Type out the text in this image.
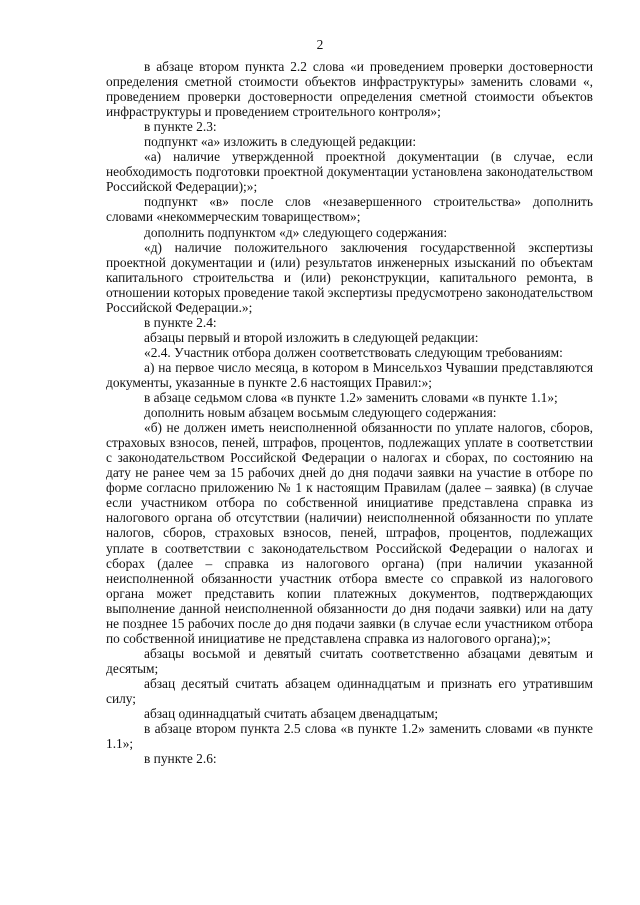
2

в абзаце втором пункта 2.2 слова «и проведением проверки достоверности определения сметной стоимости объектов инфраструктуры» заменить словами «, проведением проверки достоверности определения сметной стоимости объектов инфраструктуры и проведением строительного контроля»;

в пункте 2.3:

подпункт «а» изложить в следующей редакции:

«а) наличие утвержденной проектной документации (в случае, если необходимость подготовки проектной документации установлена законодательством Российской Федерации);»;

подпункт «в» после слов «незавершенного строительства» дополнить словами «некоммерческим товариществом»;

дополнить подпунктом «д» следующего содержания:

«д) наличие положительного заключения государственной экспертизы проектной документации и (или) результатов инженерных изысканий по объектам капитального строительства и (или) реконструкции, капитального ремонта, в отношении которых проведение такой экспертизы предусмотрено законодательством Российской Федерации.»;

в пункте 2.4:

абзацы первый и второй изложить в следующей редакции:

«2.4. Участник отбора должен соответствовать следующим требованиям:

а) на первое число месяца, в котором в Минсельхоз Чувашии представляются документы, указанные в пункте 2.6 настоящих Правил:»;

в абзаце седьмом слова «в пункте 1.2» заменить словами «в пункте 1.1»;

дополнить новым абзацем восьмым следующего содержания:

«б) не должен иметь неисполненной обязанности по уплате налогов, сборов, страховых взносов, пеней, штрафов, процентов, подлежащих уплате в соответствии с законодательством Российской Федерации о налогах и сборах, по состоянию на дату не ранее чем за 15 рабочих дней до дня подачи заявки на участие в отборе по форме согласно приложению № 1 к настоящим Правилам (далее – заявка) (в случае если участником отбора по собственной инициативе представлена справка из налогового органа об отсутствии (наличии) неисполненной обязанности по уплате налогов, сборов, страховых взносов, пеней, штрафов, процентов, подлежащих уплате в соответствии с законодательством Российской Федерации о налогах и сборах (далее – справка из налогового органа) (при наличии указанной неисполненной обязанности участник отбора вместе со справкой из налогового органа может представить копии платежных документов, подтверждающих выполнение данной неисполненной обязанности до дня подачи заявки) или на дату не позднее 15 рабочих после до дня подачи заявки (в случае если участником отбора по собственной инициативе не представлена справка из налогового органа);»;

абзацы восьмой и девятый считать соответственно абзацами девятым и десятым;

абзац десятый считать абзацем одиннадцатым и признать его утратившим силу;

абзац одиннадцатый считать абзацем двенадцатым;

в абзаце втором пункта 2.5 слова «в пункте 1.2» заменить словами «в пункте 1.1»;

в пункте 2.6:
